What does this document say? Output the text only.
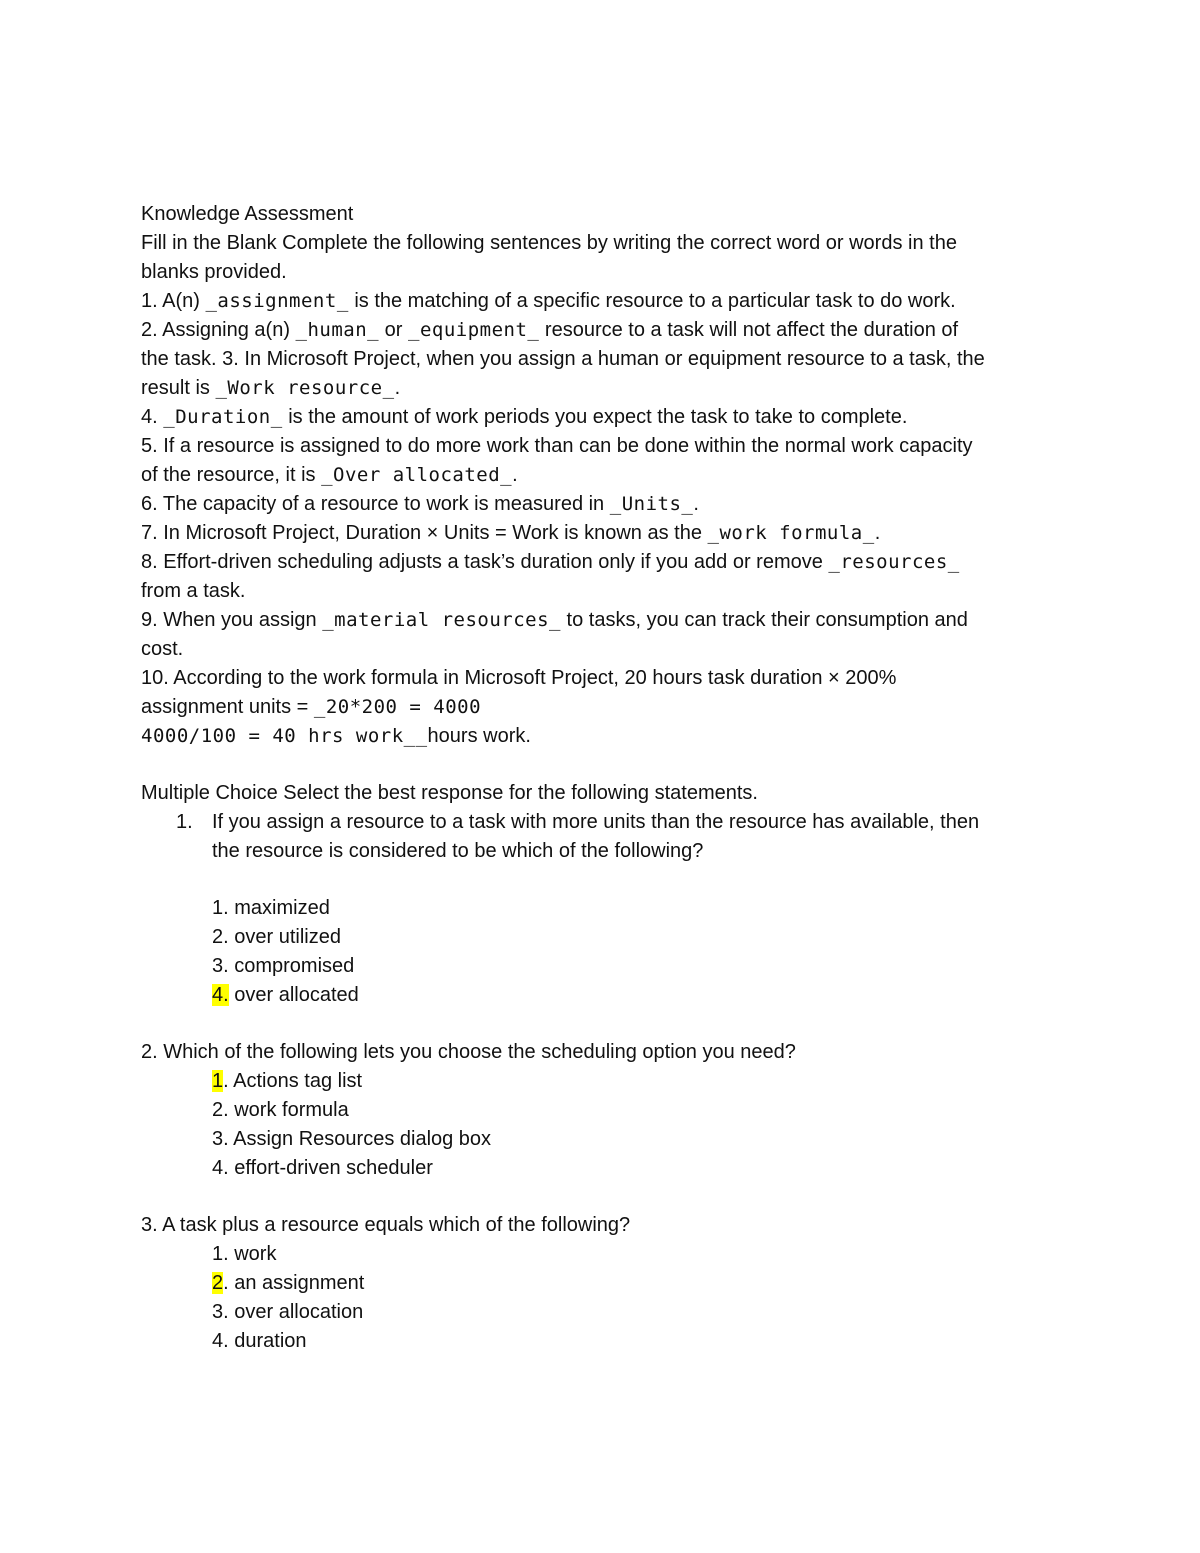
Knowledge Assessment
Fill in the Blank Complete the following sentences by writing the correct word or words in the
blanks provided.
1. A(n) _assignment_ is the matching of a specific resource to a particular task to do work.
2. Assigning a(n) _human_ or _equipment_ resource to a task will not affect the duration of
the task. 3. In Microsoft Project, when you assign a human or equipment resource to a task, the
result is _Work resource_.
4. _Duration_ is the amount of work periods you expect the task to take to complete.
5. If a resource is assigned to do more work than can be done within the normal work capacity
of the resource, it is _Over allocated_.
6. The capacity of a resource to work is measured in _Units_.
7. In Microsoft Project, Duration × Units = Work is known as the _work formula_.
8. Effort-driven scheduling adjusts a task’s duration only if you add or remove _resources_
from a task.
9. When you assign _material resources_ to tasks, you can track their consumption and
cost.
10. According to the work formula in Microsoft Project, 20 hours task duration × 200%
assignment units = _20*200 = 4000
4000/100 = 40 hrs work__hours work.
Multiple Choice Select the best response for the following statements.
1. If you assign a resource to a task with more units than the resource has available, then
the resource is considered to be which of the following?
1. maximized
2. over utilized
3. compromised
4. over allocated
2. Which of the following lets you choose the scheduling option you need?
1. Actions tag list
2. work formula
3. Assign Resources dialog box
4. effort-driven scheduler
3. A task plus a resource equals which of the following?
1. work
2. an assignment
3. over allocation
4. duration
